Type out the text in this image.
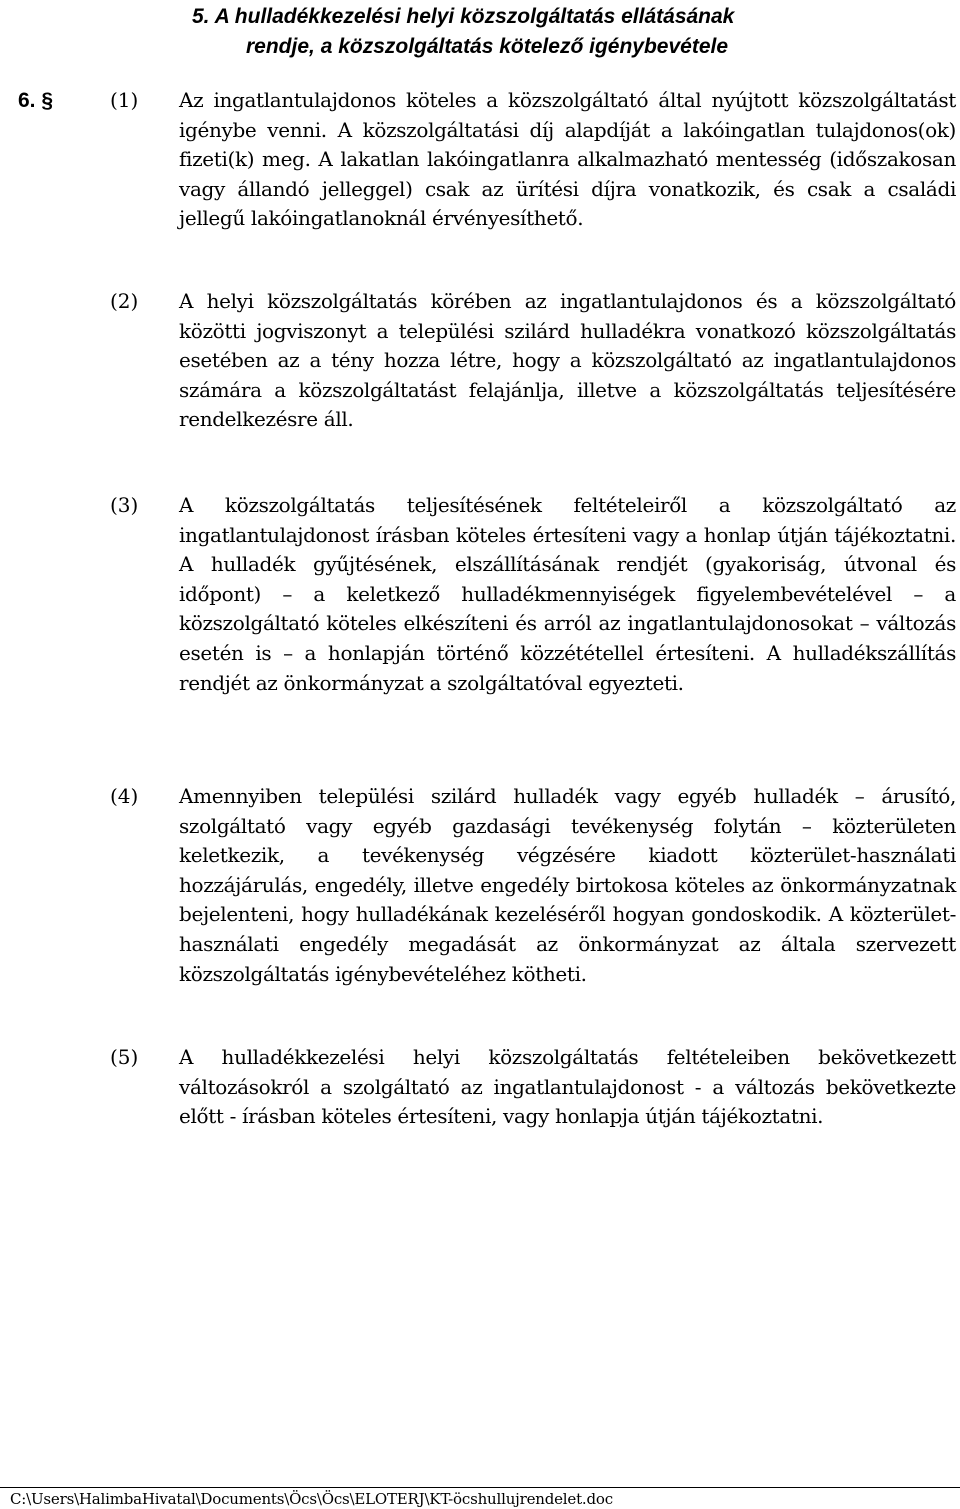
5. A hulladékkezelési helyi közszolgáltatás ellátásának
rendje, a közszolgáltatás kötelező igénybevétele
6. §	(1) Az ingatlantulajdonos köteles a közszolgáltató által nyújtott közszolgáltatást igénybe venni. A közszolgáltatási díj alapdíját a lakóingatlan tulajdonos(ok) fizeti(k) meg. A lakatlan lakóingatlanra alkalmazható mentesség (időszakosan vagy állandó jelleggel) csak az ürítési díjra vonatkozik, és csak a családi jellegű lakóingatlanoknál érvényesíthető.
(2) A helyi közszolgáltatás körében az ingatlantulajdonos és a közszolgáltató közötti jogviszonyt a települési szilárd hulladékra vonatkozó közszolgáltatás esetében az a tény hozza létre, hogy a közszolgáltató az ingatlantulajdonos számára a közszolgáltatást felajánlja, illetve a közszolgáltatás teljesítésére rendelkezésre áll.
(3) A közszolgáltatás teljesítésének feltételeiről a közszolgáltató az ingatlantulajdonost írásban köteles értesíteni vagy a honlap útján tájékoztatni. A hulladék gyűjtésének, elszállításának rendjét (gyakoriság, útvonal és időpont) – a keletkező hulladékmennyiségek figyelembevételével – a közszolgáltató köteles elkészíteni és arról az ingatlantulajdonosokat – változás esetén is – a honlapján történő közzététellel értesíteni. A hulladékszállítás rendjét az önkormányzat a szolgáltatóval egyezteti.
(4) Amennyiben települési szilárd hulladék vagy egyéb hulladék – árusító, szolgáltató vagy egyéb gazdasági tevékenység folytán – közterületen keletkezik, a tevékenység végzésére kiadott közterület-használati hozzájárulás, engedély, illetve engedély birtokosa köteles az önkormányzatnak bejelenteni, hogy hulladékának kezeléséről hogyan gondoskodik. A közterület-használati engedély megadását az önkormányzat az általa szervezett közszolgáltatás igénybevételéhez kötheti.
(5) A hulladékkezelési helyi közszolgáltatás feltételeiben bekövetkezett változásokról a szolgáltató az ingatlantulajdonost - a változás bekövetkezte előtt - írásban köteles értesíteni, vagy honlapja útján tájékoztatni.
C:\Users\HalimbaHivatal\Documents\Öcs\Öcs\ELOTERJ\KT-öcshullujrendelet.doc
